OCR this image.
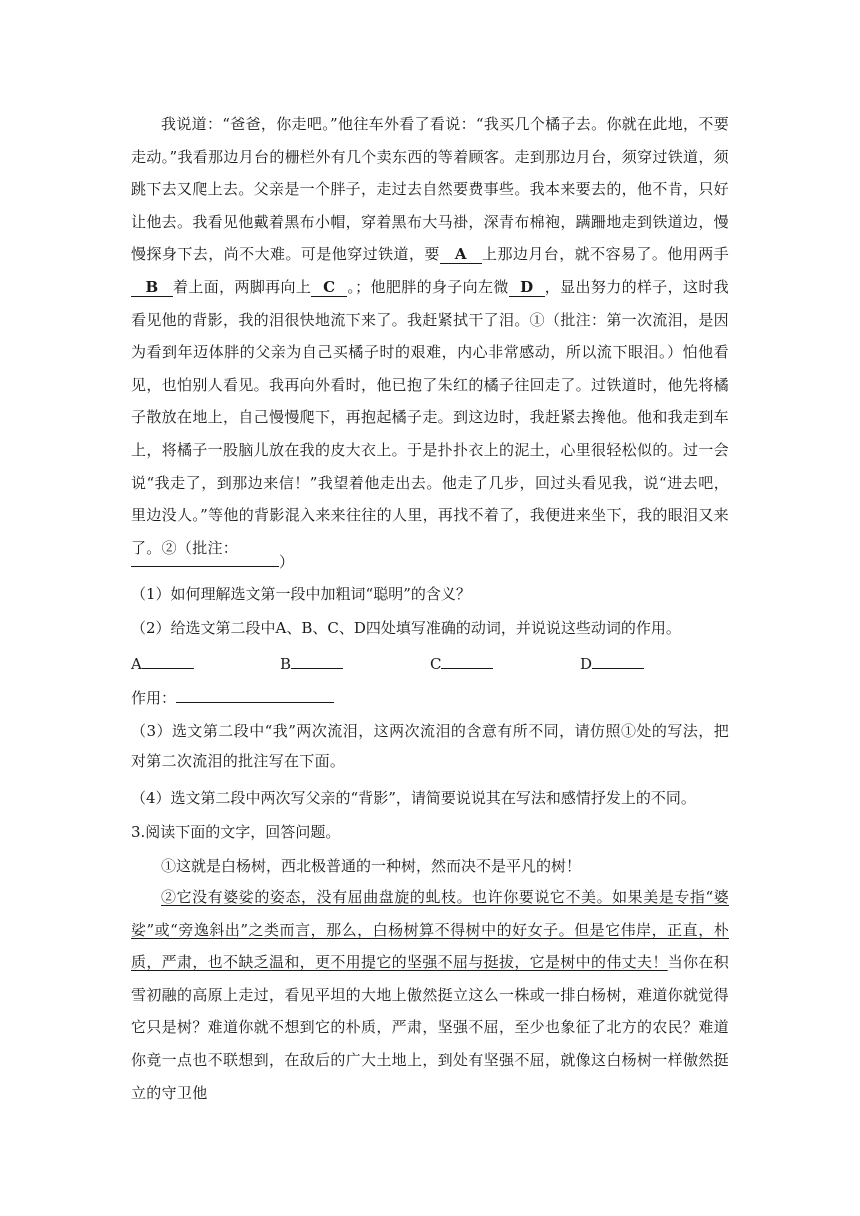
我说道：“爸爸，你走吧。”他往车外看了看说：“我买几个橘子去。你就在此地，不要走动。”我看那边月台的栅栏外有几个卖东西的等着顾客。走到那边月台，须穿过铁道，须跳下去又爬上去。父亲是一个胖子，走过去自然要费事些。我本来要去的，他不肯，只好让他去。我看见他戴着黑布小帽，穿着黑布大马褂，深青布棉袍，蹒跚地走到铁道边，慢慢探身下去，尚不大难。可是他穿过铁道，要 A 上那边月台，就不容易了。他用两手B 着上面，两脚再向上 C 。；他肥胖的身子向左微 D ，显出努力的样子，这时我看见他的背影，我的泪很快地流下来了。我赶紧拭干了泪。①（批注：第一次流泪，是因为看到年迈体胖的父亲为自己买橘子时的艰难，内心非常感动，所以流下眼泪。）怕他看见，也怕别人看见。我再向外看时，他已抱了朱红的橘子往回走了。过铁道时，他先将橘子散放在地上，自己慢慢爬下，再抱起橘子走。到这边时，我赶紧去搀他。他和我走到车上，将橘子一股脑儿放在我的皮大衣上。于是扑扑衣上的泥土，心里很轻松似的。过一会说“我走了，到那边来信！”我望着他走出去。他走了几步，回过头看见我，说“进去吧，里边没人。”等他的背影混入来来往往的人里，再找不着了，我便进来坐下，我的眼泪又来了。②（批注：

）

（1）如何理解选文第一段中加粗词“聪明”的含义？

（2）给选文第二段中A、B、C、D四处填写准确的动词，并说说这些动词的作用。

A	B	C	D

作用：

（3）选文第二段中“我”两次流泪，这两次流泪的含意有所不同，请仿照①处的写法，把对第二次流泪的批注写在下面。

（4）选文第二段中两次写父亲的“背影”，请简要说说其在写法和感情抒发上的不同。

3.阅读下面的文字，回答问题。

①这就是白杨树，西北极普通的一种树，然而决不是平凡的树！

②它没有婆娑的姿态，没有屈曲盘旋的虬枝。也许你要说它不美。如果美是专指“婆娑”或“旁逸斜出”之类而言，那么，白杨树算不得树中的好女子。但是它伟岸，正直，朴质，严肃，也不缺乏温和，更不用提它的坚强不屈与挺拔，它是树中的伟丈夫！当你在积雪初融的高原上走过，看见平坦的大地上傲然挺立这么一株或一排白杨树，难道你就觉得它只是树？难道你就不想到它的朴质，严肃，坚强不屈，至少也象征了北方的农民？难道你竟一点也不联想到，在敌后的广大土地上，到处有坚强不屈，就像这白杨树一样傲然挺立的守卫他
